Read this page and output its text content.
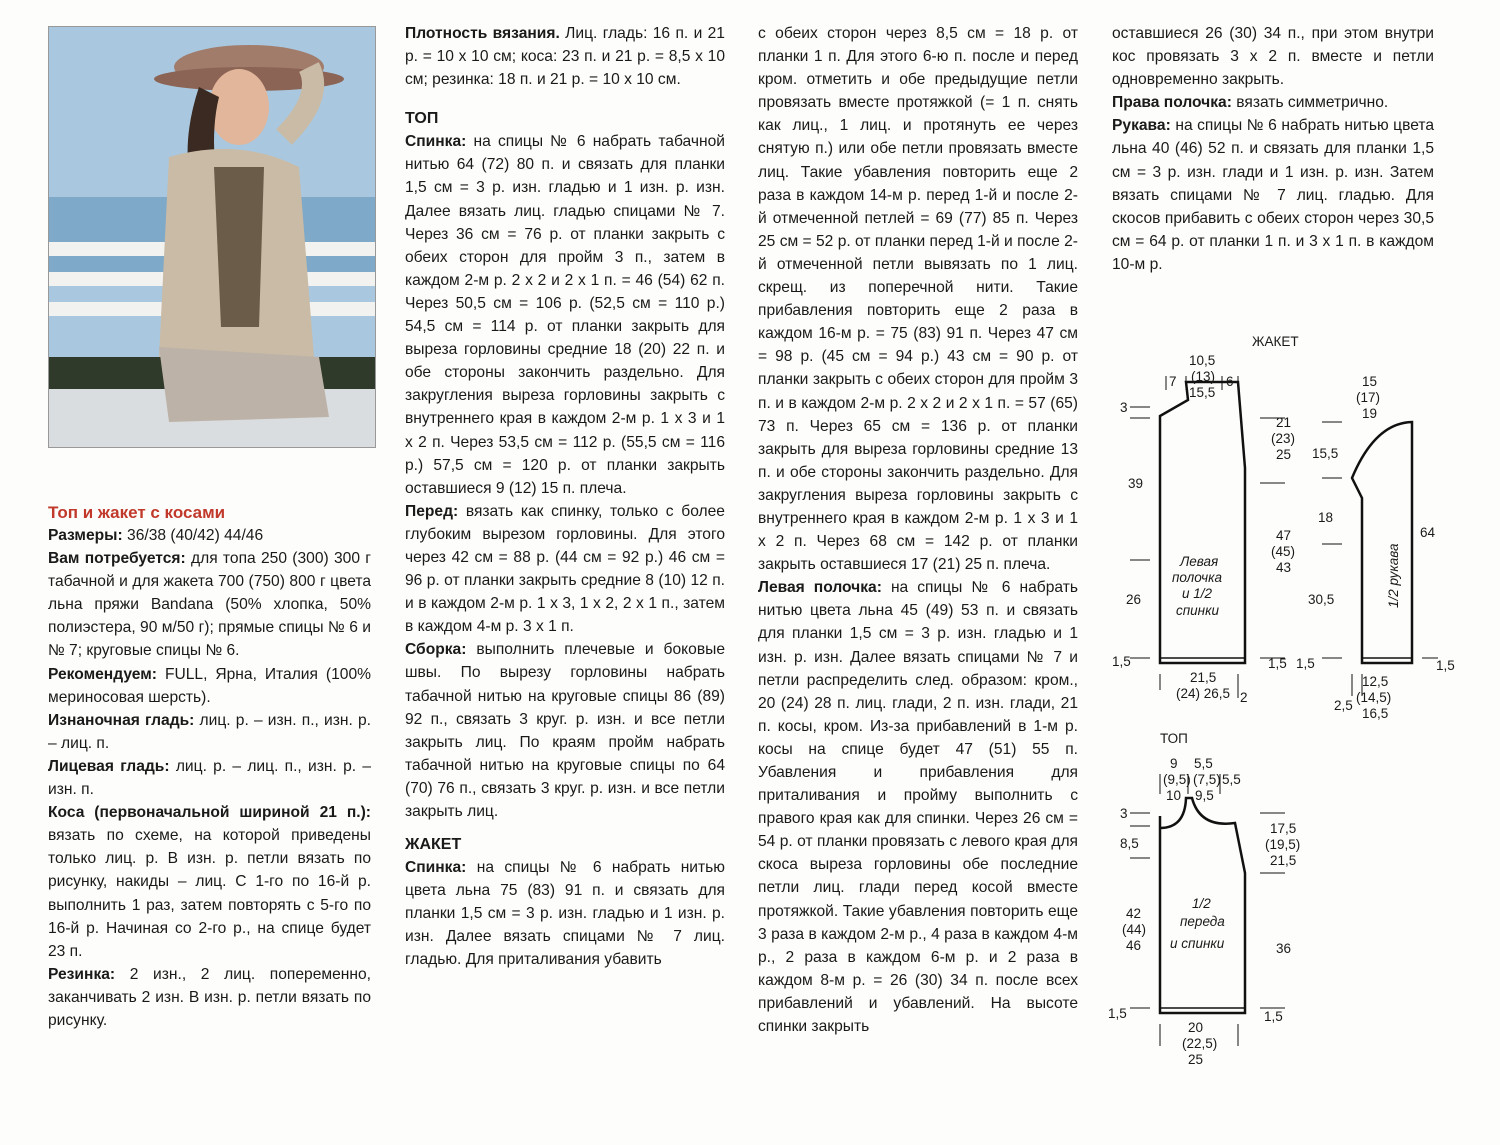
Топ и жакет с косами

Размеры: 36/38 (40/42) 44/46

Вам потребуется: для топа 250 (300) 300 г табачной и для жакета 700 (750) 800 г цвета льна пряжи Bandana (50% хлопка, 50% полиэстера, 90 м/50 г); прямые спицы № 6 и № 7; круговые спицы № 6.

Рекомендуем: FULL, Ярна, Италия (100% мериносовая шерсть).

Изнаночная гладь: лиц. р. – изн. п., изн. р. – лиц. п.

Лицевая гладь: лиц. р. – лиц. п., изн. р. – изн. п.

Коса (первоначальной шириной 21 п.): вязать по схеме, на которой приведены только лиц. р. В изн. р. петли вязать по рисунку, накиды – лиц. С 1-го по 16-й р. выполнить 1 раз, затем повторять с 5-го по 16-й р. Начиная со 2-го р., на спице будет 23 п.

Резинка: 2 изн., 2 лиц. попеременно, заканчивать 2 изн. В изн. р. петли вязать по рисунку.

Плотность вязания. Лиц. гладь: 16 п. и 21 р. = 10 х 10 см; коса: 23 п. и 21 р. = 8,5 х 10 см; резинка: 18 п. и 21 р. = 10 х 10 см.

ТОП

Спинка: на спицы № 6 набрать табачной нитью 64 (72) 80 п. и связать для планки 1,5 см = 3 р. изн. гладью и 1 изн. р. изн. Далее вязать лиц. гладью спицами № 7. Через 36 см = 76 р. от планки закрыть с обеих сторон для пройм 3 п., затем в каждом 2-м р. 2 х 2 и 2 х 1 п. = 46 (54) 62 п. Через 50,5 см = 106 р. (52,5 см = 110 р.) 54,5 см = 114 р. от планки закрыть для выреза горловины средние 18 (20) 22 п. и обе стороны закончить раздельно. Для закругления выреза горловины закрыть с внутреннего края в каждом 2-м р. 1 х 3 и 1 х 2 п. Через 53,5 см = 112 р. (55,5 см = 116 р.) 57,5 см = 120 р. от планки закрыть оставшиеся 9 (12) 15 п. плеча.

Перед: вязать как спинку, только с более глубоким вырезом горловины. Для этого через 42 см = 88 р. (44 см = 92 р.) 46 см = 96 р. от планки закрыть средние 8 (10) 12 п. и в каждом 2-м р. 1 х 3, 1 х 2, 2 х 1 п., затем в каждом 4-м р. 3 х 1 п.

Сборка: выполнить плечевые и боковые швы. По вырезу горловины набрать табачной нитью на круговые спицы 86 (89) 92 п., связать 3 круг. р. изн. и все петли закрыть лиц. По краям пройм набрать табачной нитью на круговые спицы по 64 (70) 76 п., связать 3 круг. р. изн. и все петли закрыть лиц.

ЖАКЕТ

Спинка: на спицы № 6 набрать нитью цвета льна 75 (83) 91 п. и связать для планки 1,5 см = 3 р. изн. гладью и 1 изн. р. изн. Далее вязать спицами № 7 лиц. гладью. Для приталивания убавить

с обеих сторон через 8,5 см = 18 р. от планки 1 п. Для этого 6-ю п. после и перед кром. отметить и обе предыдущие петли провязать вместе протяжкой (= 1 п. снять как лиц., 1 лиц. и протянуть ее через снятую п.) или обе петли провязать вместе лиц. Такие убавления повторить еще 2 раза в каждом 14-м р. перед 1-й и после 2-й отмеченной петлей = 69 (77) 85 п. Через 25 см = 52 р. от планки перед 1-й и после 2-й отмеченной петли вывязать по 1 лиц. скрещ. из поперечной нити. Такие прибавления повторить еще 2 раза в каждом 16-м р. = 75 (83) 91 п. Через 47 см = 98 р. (45 см = 94 р.) 43 см = 90 р. от планки закрыть с обеих сторон для пройм 3 п. и в каждом 2-м р. 2 х 2 и 2 х 1 п. = 57 (65) 73 п. Через 65 см = 136 р. от планки закрыть для выреза горловины средние 13 п. и обе стороны закончить раздельно. Для закругления выреза горловины закрыть с внутреннего края в каждом 2-м р. 1 х 3 и 1 х 2 п. Через 68 см = 142 р. от планки закрыть оставшиеся 17 (21) 25 п. плеча.

Левая полочка: на спицы № 6 набрать нитью цвета льна 45 (49) 53 п. и связать для планки 1,5 см = 3 р. изн. гладью и 1 изн. р. изн. Далее вязать спицами № 7 и петли распределить след. образом: кром., 20 (24) 28 п. лиц. глади, 2 п. изн. глади, 21 п. косы, кром. Из-за прибавлений в 1-м р. косы на спице будет 47 (51) 55 п. Убавления и прибавления для приталивания и пройму выполнить с правого края как для спинки. Через 26 см = 54 р. от планки провязать с левого края для скоса выреза горловины обе последние петли лиц. глади перед косой вместе протяжкой. Такие убавления повторить еще 3 раза в каждом 2-м р., 4 раза в каждом 4-м р., 2 раза в каждом 6-м р. и 2 раза в каждом 8-м р. = 26 (30) 34 п. после всех прибавлений и убавлений. На высоте спинки закрыть

оставшиеся 26 (30) 34 п., при этом внутри кос провязать 3 х 2 п. вместе и петли одновременно закрыть.

Права полочка: вязать симметрично.

Рукава: на спицы № 6 набрать нитью цвета льна 40 (46) 52 п. и связать для планки 1,5 см = 3 р. изн. глади и 1 изн. р. изн. Затем вязать спицами № 7 лиц. гладью. Для скосов прибавить с обеих сторон через 30,5 см = 64 р. от планки 1 п. и 3 х 1 п. в каждом 10-м р.

ЖАКЕТ
ТОП
7
10,5
(13)
15,5
6
3
39
26
1,5
21
(23)
25
47
(45)
43
1,5
21,5
(24) 26,5 2
Левая
полочка
и 1/2
спинки
15
(17)
19
15,5
18
30,5
1,5
64
1,5
12,5
(14,5)
16,5
2,5
1/2 рукава
9
(9,5)
10
5,5
(7,5)
9,5
5,5
3
8,5
42
(44)
46
1,5
17,5
(19,5)
21,5
36
1,5
20
(22,5)
25
1/2
переда
и спинки
